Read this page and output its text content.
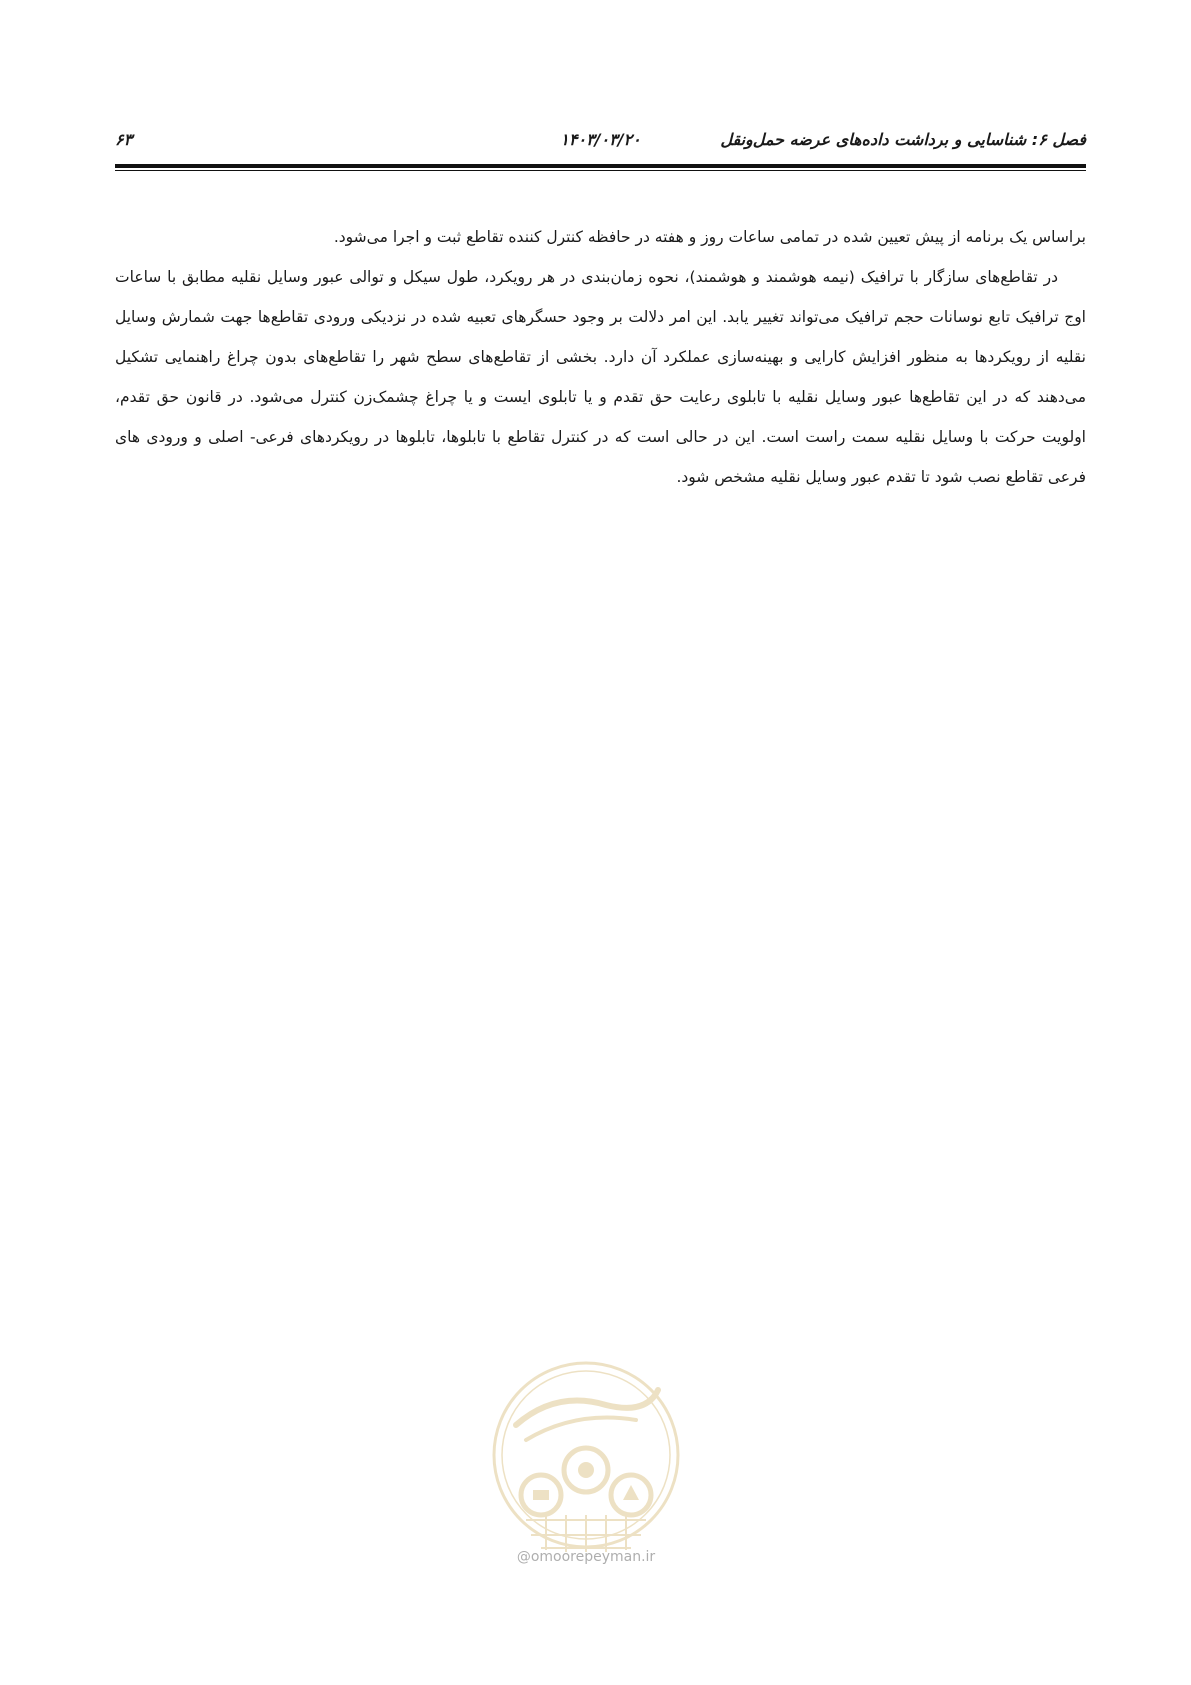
فصل ۶: شناسایی و برداشت داده‌های عرضه حمل‌ونقل
۱۴۰۳/۰۳/۲۰
۶۳

براساس یک برنامه از پیش تعیین شده در تمامی ساعات روز و هفته در حافظه کنترل کننده تقاطع ثبت و اجرا می‌شود.

در تقاطع‌های سازگار با ترافیک (نیمه هوشمند و هوشمند)، نحوه زمان‌بندی در هر رویکرد، طول سیکل و توالی عبور وسایل نقلیه مطابق با ساعات اوج ترافیک تابع نوسانات حجم ترافیک می‌تواند تغییر یابد. این امر دلالت بر وجود حسگرهای تعبیه شده در نزدیکی ورودی تقاطع‌ها جهت شمارش وسایل نقلیه از رویکردها به منظور افزایش کارایی و بهینه‌سازی عملکرد آن دارد. بخشی از تقاطع‌های سطح شهر را تقاطع‌های بدون چراغ راهنمایی تشکیل می‌دهند که در این تقاطع‌ها عبور وسایل نقلیه با تابلوی رعایت حق تقدم و یا تابلوی ایست و یا چراغ چشمک‌زن کنترل می‌شود. در قانون حق تقدم، اولویت حرکت با وسایل نقلیه سمت راست است. این در حالی است که در کنترل تقاطع با تابلوها، تابلوها در رویکردهای فرعی- اصلی و ورودی های فرعی تقاطع نصب شود تا تقدم عبور وسایل نقلیه مشخص شود.

@omoorepeyman.ir
